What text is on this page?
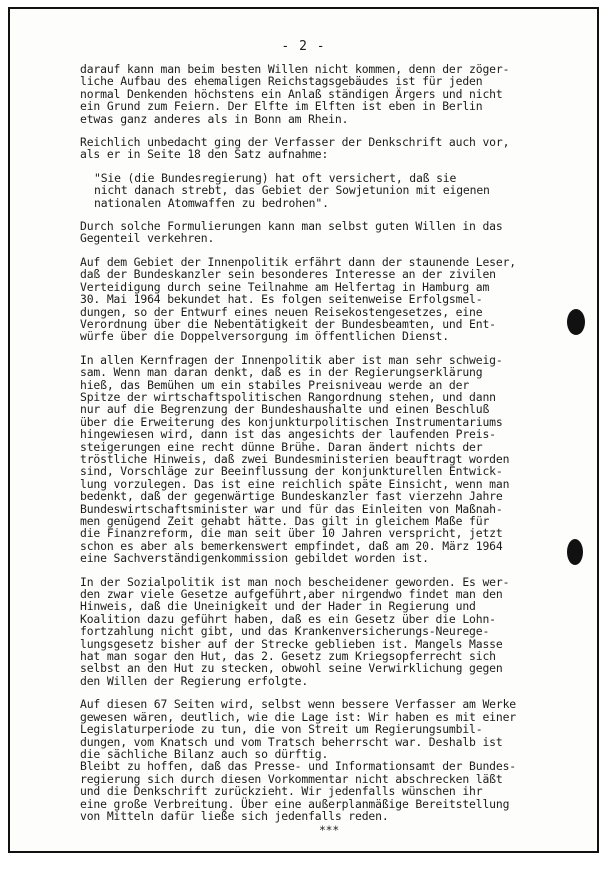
- 2 -

darauf kann man beim besten Willen nicht kommen, denn der zöger-
liche Aufbau des ehemaligen Reichstagsgebäudes ist für jeden
normal Denkenden höchstens ein Anlaß ständigen Ärgers und nicht
ein Grund zum Feiern. Der Elfte im Elften ist eben in Berlin
etwas ganz anderes als in Bonn am Rhein.

Reichlich unbedacht ging der Verfasser der Denkschrift auch vor,
als er in Seite 18 den Satz aufnahme:

"Sie (die Bundesregierung) hat oft versichert, daß sie
nicht danach strebt, das Gebiet der Sowjetunion mit eigenen
nationalen Atomwaffen zu bedrohen".

Durch solche Formulierungen kann man selbst guten Willen in das
Gegenteil verkehren.

Auf dem Gebiet der Innenpolitik erfährt dann der staunende Leser,
daß der Bundeskanzler sein besonderes Interesse an der zivilen
Verteidigung durch seine Teilnahme am Helfertag in Hamburg am
30. Mai 1964 bekundet hat. Es folgen seitenweise Erfolgsmel-
dungen, so der Entwurf eines neuen Reisekostengesetzes, eine
Verordnung über die Nebentätigkeit der Bundesbeamten, und Ent-
würfe über die Doppelversorgung im öffentlichen Dienst.

In allen Kernfragen der Innenpolitik aber ist man sehr schweig-
sam. Wenn man daran denkt, daß es in der Regierungserklärung
hieß, das Bemühen um ein stabiles Preisniveau werde an der
Spitze der wirtschaftspolitischen Rangordnung stehen, und dann
nur auf die Begrenzung der Bundeshaushalte und einen Beschluß
über die Erweiterung des konjunkturpolitischen Instrumentariums
hingewiesen wird, dann ist das angesichts der laufenden Preis-
steigerungen eine recht dünne Brühe. Daran ändert nichts der
tröstliche Hinweis, daß zwei Bundesministerien beauftragt worden
sind, Vorschläge zur Beeinflussung der konjunkturellen Entwick-
lung vorzulegen. Das ist eine reichlich späte Einsicht, wenn man
bedenkt, daß der gegenwärtige Bundeskanzler fast vierzehn Jahre
Bundeswirtschaftsminister war und für das Einleiten von Maßnah-
men genügend Zeit gehabt hätte. Das gilt in gleichem Maße für
die Finanzreform, die man seit über 10 Jahren verspricht, jetzt
schon es aber als bemerkenswert empfindet, daß am 20. März 1964
eine Sachverständigenkommission gebildet worden ist.

In der Sozialpolitik ist man noch bescheidener geworden. Es wer-
den zwar viele Gesetze aufgeführt,aber nirgendwo findet man den
Hinweis, daß die Uneinigkeit und der Hader in Regierung und
Koalition dazu geführt haben, daß es ein Gesetz über die Lohn-
fortzahlung nicht gibt, und das Krankenversicherungs-Neurege-
lungsgesetz bisher auf der Strecke geblieben ist. Mangels Masse
hat man sogar den Hut, das 2. Gesetz zum Kriegsopferrecht sich
selbst an den Hut zu stecken, obwohl seine Verwirklichung gegen
den Willen der Regierung erfolgte.

Auf diesen 67 Seiten wird, selbst wenn bessere Verfasser am Werke
gewesen wären, deutlich, wie die Lage ist: Wir haben es mit einer
Legislaturperiode zu tun, die von Streit um Regierungsumbil-
dungen, vom Knatsch und vom Tratsch beherrscht war. Deshalb ist
die sächliche Bilanz auch so dürftig.

Bleibt zu hoffen, daß das Presse- und Informationsamt der Bundes-
regierung sich durch diesen Vorkommentar nicht abschrecken läßt
und die Denkschrift zurückzieht. Wir jedenfalls wünschen ihr
eine große Verbreitung. Über eine außerplanmäßige Bereitstellung
von Mitteln dafür ließe sich jedenfalls reden.

***
